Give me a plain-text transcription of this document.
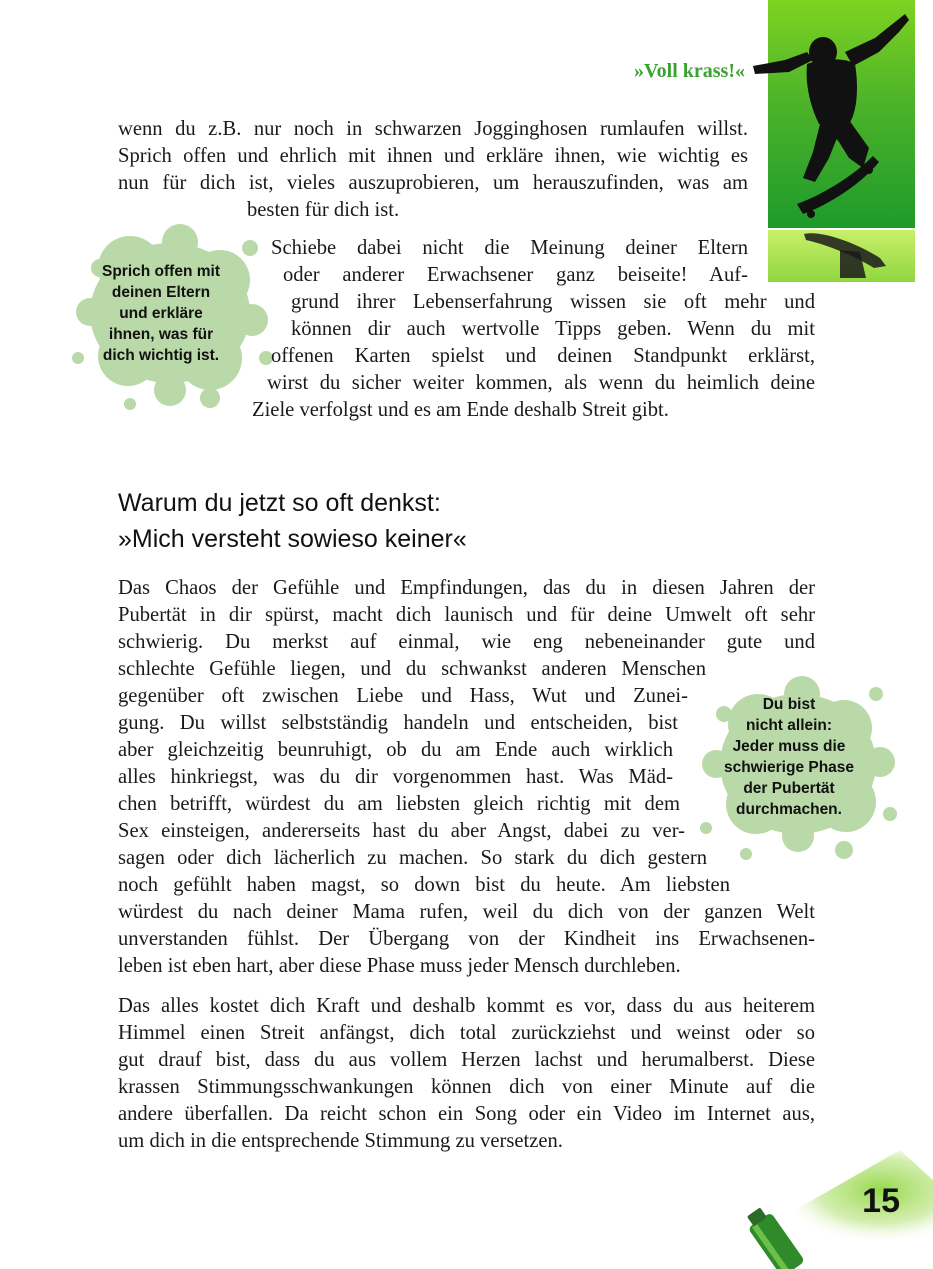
»Voll krass!«
wenn du z.B. nur noch in schwarzen Jogginghosen rumlaufen willst.
Sprich offen und ehrlich mit ihnen und erkläre ihnen, wie wichtig es
nun für dich ist, vieles auszuprobieren, um herauszufinden, was am
besten für dich ist.
Sprich offen mit
deinen Eltern
und erkläre
ihnen, was für
dich wichtig ist.
Schiebe dabei nicht die Meinung deiner Eltern
oder anderer Erwachsener ganz beiseite! Auf-
grund ihrer Lebenserfahrung wissen sie oft mehr und
können dir auch wertvolle Tipps geben. Wenn du mit
offenen Karten spielst und deinen Standpunkt erklärst,
wirst du sicher weiter kommen, als wenn du heimlich deine
Ziele verfolgst und es am Ende deshalb Streit gibt.
Warum du jetzt so oft denkst:
»Mich versteht sowieso keiner«
Das Chaos der Gefühle und Empfindungen, das du in diesen Jahren der
Pubertät in dir spürst, macht dich launisch und für deine Umwelt oft sehr
schwierig. Du merkst auf einmal, wie eng nebeneinander gute und
schlechte Gefühle liegen, und du schwankst anderen Menschen
gegenüber oft zwischen Liebe und Hass, Wut und Zunei-
gung. Du willst selbstständig handeln und entscheiden, bist
aber gleichzeitig beunruhigt, ob du am Ende auch wirklich
alles hinkriegst, was du dir vorgenommen hast. Was Mäd-
chen betrifft, würdest du am liebsten gleich richtig mit dem
Sex einsteigen, andererseits hast du aber Angst, dabei zu ver-
sagen oder dich lächerlich zu machen. So stark du dich gestern
noch gefühlt haben magst, so down bist du heute. Am liebsten
würdest du nach deiner Mama rufen, weil du dich von der ganzen Welt
unverstanden fühlst. Der Übergang von der Kindheit ins Erwachsenen-
leben ist eben hart, aber diese Phase muss jeder Mensch durchleben.
Du bist
nicht allein:
Jeder muss die
schwierige Phase
der Pubertät
durchmachen.
Das alles kostet dich Kraft und deshalb kommt es vor, dass du aus heiterem
Himmel einen Streit anfängst, dich total zurückziehst und weinst oder so
gut drauf bist, dass du aus vollem Herzen lachst und herumalberst. Diese
krassen Stimmungsschwankungen können dich von einer Minute auf die
andere überfallen. Da reicht schon ein Song oder ein Video im Internet aus,
um dich in die entsprechende Stimmung zu versetzen.
15
